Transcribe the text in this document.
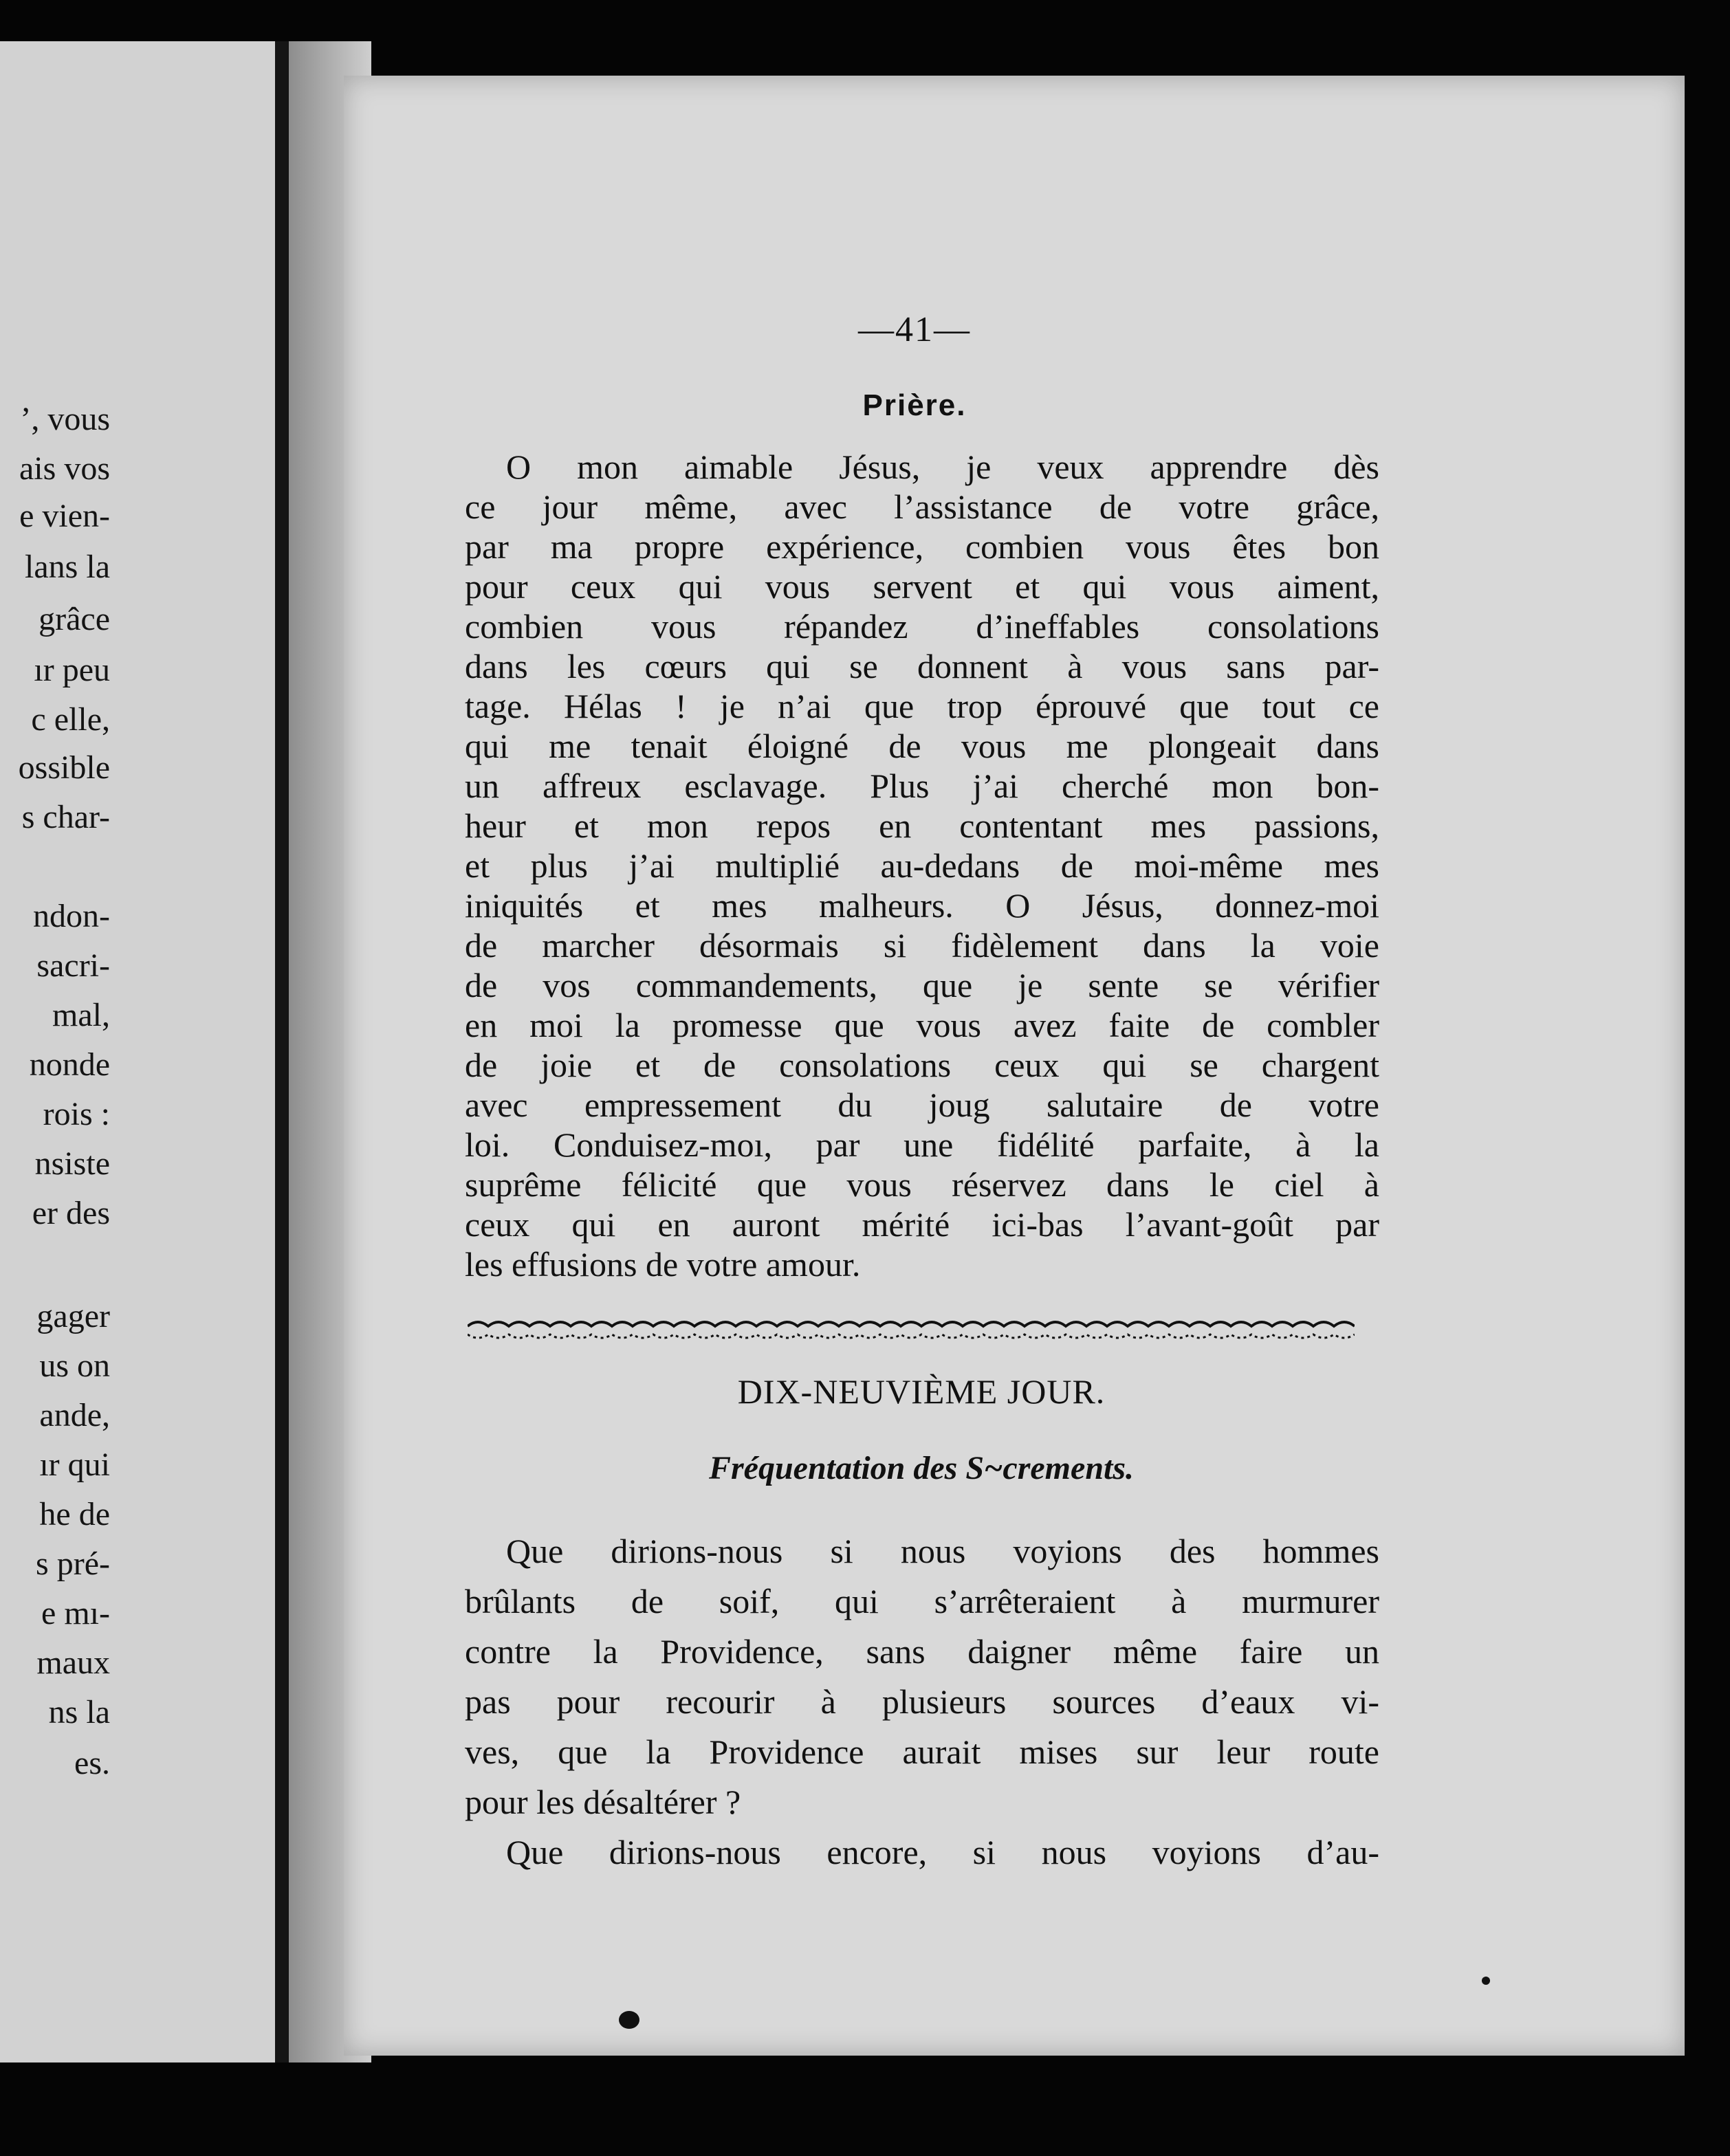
’, vous
ais vos
e vien-
lans la
grâce
ır peu
c elle,
ossible
s char-
ndon-
sacri-
mal,
nonde
rois :
nsiste
er des
gager
us on
ande,
ır qui
he de
s pré-
e mı-
maux
ns la
es.
—41—
Prière.
O mon aimable Jésus, je veux apprendre dès
ce jour même, avec l’assistance de votre grâce,
par ma propre expérience, combien vous êtes bon
pour ceux qui vous servent et qui vous aiment,
combien vous répandez d’ineffables consolations
dans les cœurs qui se donnent à vous sans par-
tage. Hélas ! je n’ai que trop éprouvé que tout ce
qui me tenait éloigné de vous me plongeait dans
un affreux esclavage. Plus j’ai cherché mon bon-
heur et mon repos en contentant mes passions,
et plus j’ai multiplié au-dedans de moi-même mes
iniquités et mes malheurs. O Jésus, donnez-moi
de marcher désormais si fidèlement dans la voie
de vos commandements, que je sente se vérifier
en moi la promesse que vous avez faite de combler
de joie et de consolations ceux qui se chargent
avec empressement du joug salutaire de votre
loi. Conduisez-moı, par une fidélité parfaite, à la
suprême félicité que vous réservez dans le ciel à
ceux qui en auront mérité ici-bas l’avant-goût par
les effusions de votre amour.
DIX-NEUVIÈME JOUR.
Fréquentation des S~crements.
Que dirions-nous si nous voyions des hommes
brûlants de soif, qui s’arrêteraient à murmurer
contre la Providence, sans daigner même faire un
pas pour recourir à plusieurs sources d’eaux vi-
ves, que la Providence aurait mises sur leur route
pour les désaltérer ?
Que dirions-nous encore, si nous voyions d’au-
